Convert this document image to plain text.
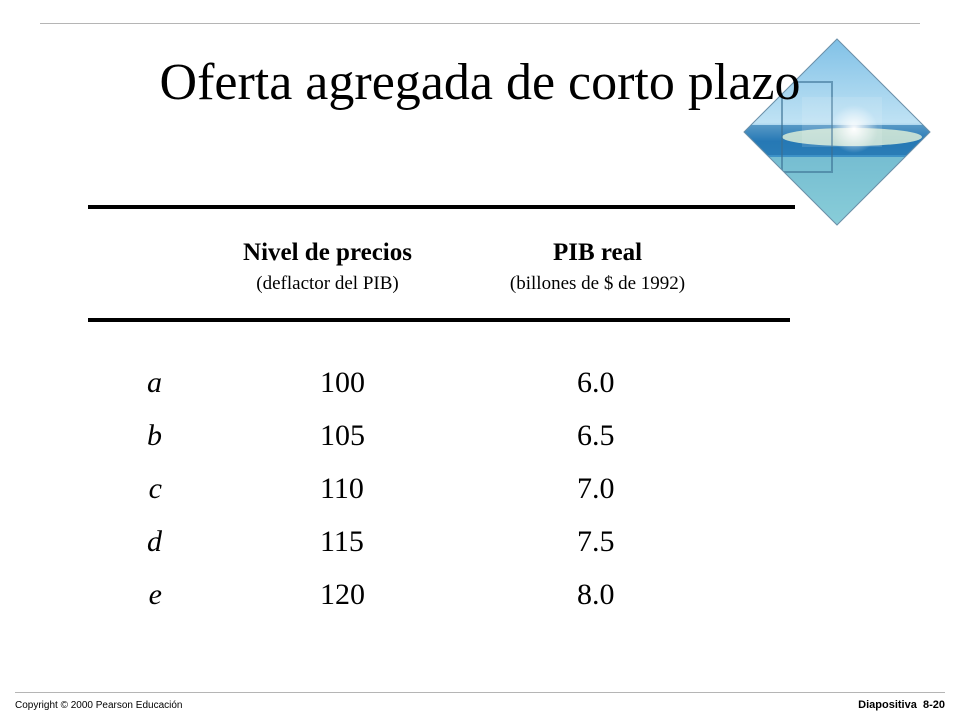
Oferta agregada de corto plazo
Nivel de precios
(deflactor del PIB)
PIB real
(billones de $ de 1992)
a	100	6.0
b	105	6.5
c	110	7.0
d	115	7.5
e	120	8.0
Copyright © 2000 Pearson Educación	Diapositiva 8-20
